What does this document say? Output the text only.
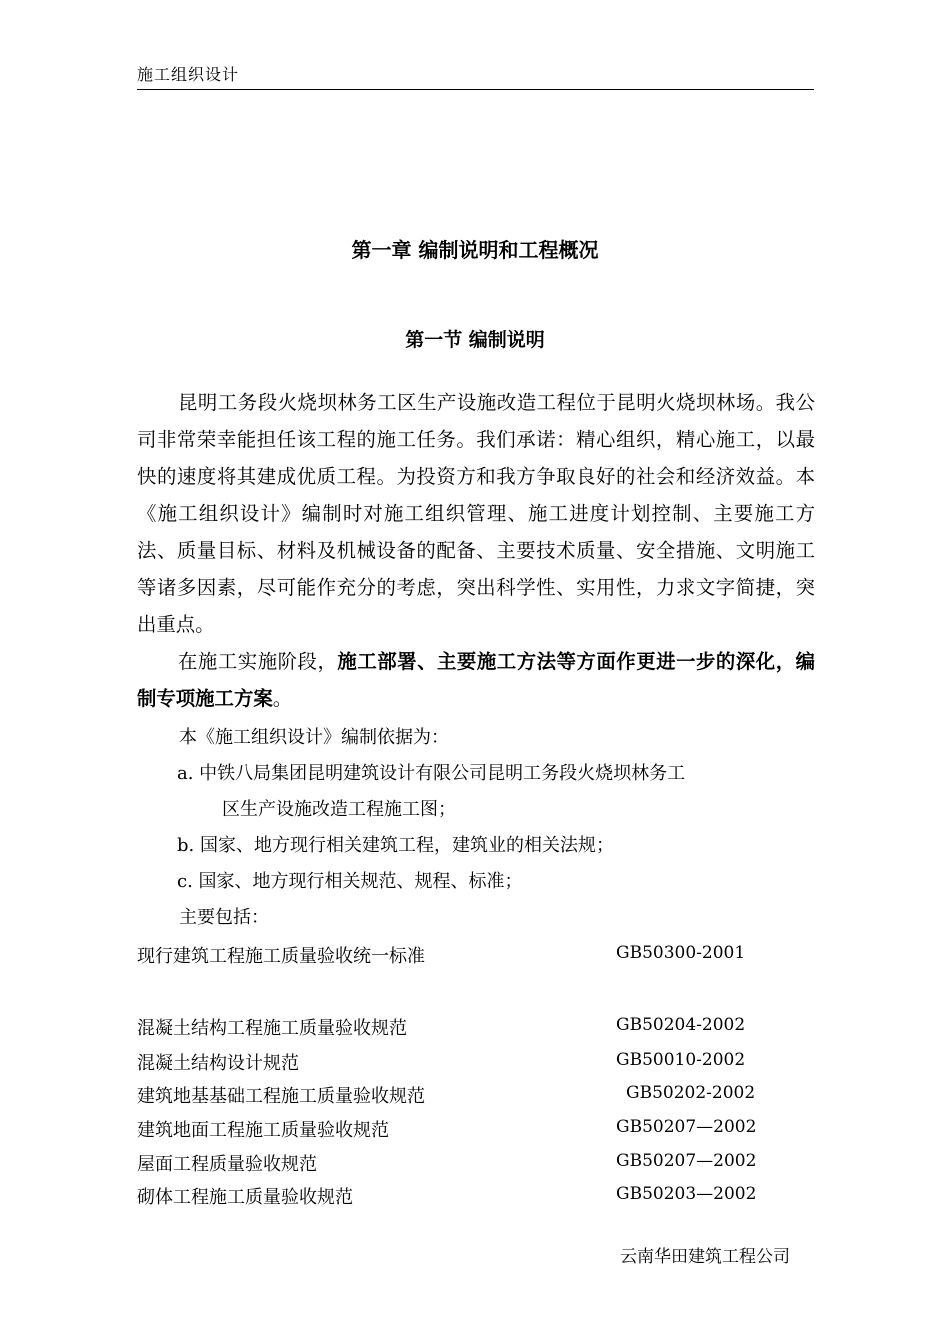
施工组织设计
第一章 编制说明和工程概况
第一节 编制说明
昆明工务段火烧坝林务工区生产设施改造工程位于昆明火烧坝林场。我公司非常荣幸能担任该工程的施工任务。我们承诺：精心组织，精心施工，以最快的速度将其建成优质工程。为投资方和我方争取良好的社会和经济效益。本《施工组织设计》编制时对施工组织管理、施工进度计划控制、主要施工方法、质量目标、材料及机械设备的配备、主要技术质量、安全措施、文明施工等诸多因素，尽可能作充分的考虑，突出科学性、实用性，力求文字简捷，突出重点。
在施工实施阶段，施工部署、主要施工方法等方面作更进一步的深化，编制专项施工方案。
本《施工组织设计》编制依据为：
a. 中铁八局集团昆明建筑设计有限公司昆明工务段火烧坝林务工
区生产设施改造工程施工图；
b. 国家、地方现行相关建筑工程，建筑业的相关法规；
c. 国家、地方现行相关规范、规程、标准；
主要包括：
现行建筑工程施工质量验收统一标准	GB50300-2001
混凝土结构工程施工质量验收规范	GB50204-2002
混凝土结构设计规范	GB50010-2002
建筑地基基础工程施工质量验收规范	GB50202-2002
建筑地面工程施工质量验收规范	GB50207—2002
屋面工程质量验收规范	GB50207—2002
砌体工程施工质量验收规范	GB50203—2002
云南华田建筑工程公司
